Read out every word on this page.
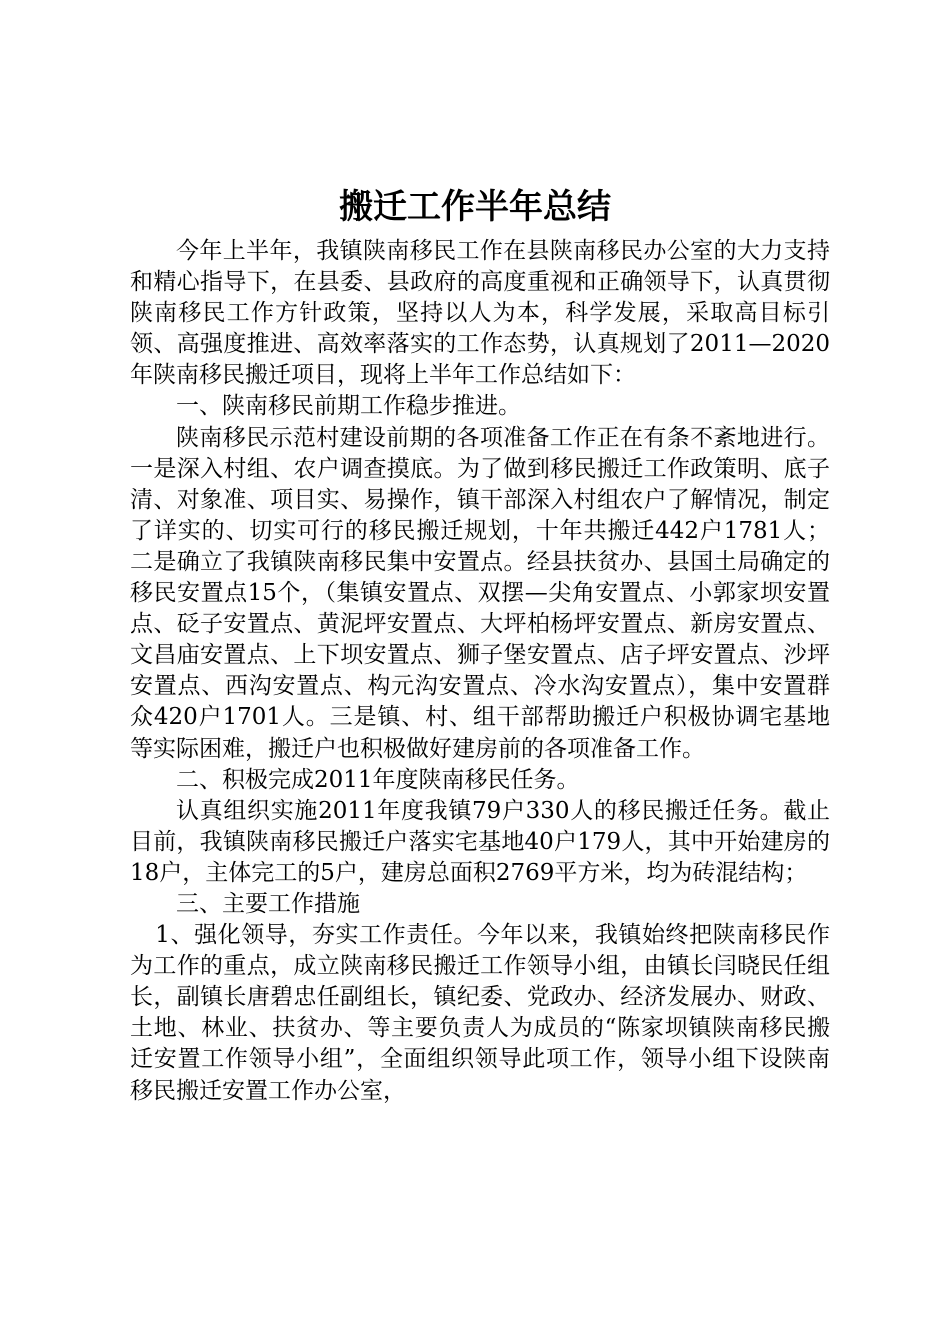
搬迁工作半年总结

今年上半年，我镇陕南移民工作在县陕南移民办公室的大力支持和精心指导下，在县委、县政府的高度重视和正确领导下，认真贯彻陕南移民工作方针政策，坚持以人为本，科学发展，采取高目标引领、高强度推进、高效率落实的工作态势，认真规划了2011—2020年陕南移民搬迁项目，现将上半年工作总结如下：

一、陕南移民前期工作稳步推进。

陕南移民示范村建设前期的各项准备工作正在有条不紊地进行。一是深入村组、农户调查摸底。为了做到移民搬迁工作政策明、底子清、对象准、项目实、易操作，镇干部深入村组农户了解情况，制定了详实的、切实可行的移民搬迁规划，十年共搬迁442户1781人；二是确立了我镇陕南移民集中安置点。经县扶贫办、县国土局确定的移民安置点15个，（集镇安置点、双摆—尖角安置点、小郭家坝安置点、砭子安置点、黄泥坪安置点、大坪柏杨坪安置点、新房安置点、文昌庙安置点、上下坝安置点、狮子堡安置点、店子坪安置点、沙坪安置点、西沟安置点、构元沟安置点、冷水沟安置点），集中安置群众420户1701人。三是镇、村、组干部帮助搬迁户积极协调宅基地等实际困难，搬迁户也积极做好建房前的各项准备工作。

二、积极完成2011年度陕南移民任务。

认真组织实施2011年度我镇79户330人的移民搬迁任务。截止目前，我镇陕南移民搬迁户落实宅基地40户179人，其中开始建房的18户，主体完工的5户，建房总面积2769平方米，均为砖混结构；

三、主要工作措施

1、强化领导，夯实工作责任。今年以来，我镇始终把陕南移民作为工作的重点，成立陕南移民搬迁工作领导小组，由镇长闫晓民任组长，副镇长唐碧忠任副组长，镇纪委、党政办、经济发展办、财政、土地、林业、扶贫办、等主要负责人为成员的“陈家坝镇陕南移民搬迁安置工作领导小组”，全面组织领导此项工作，领导小组下设陕南移民搬迁安置工作办公室，
